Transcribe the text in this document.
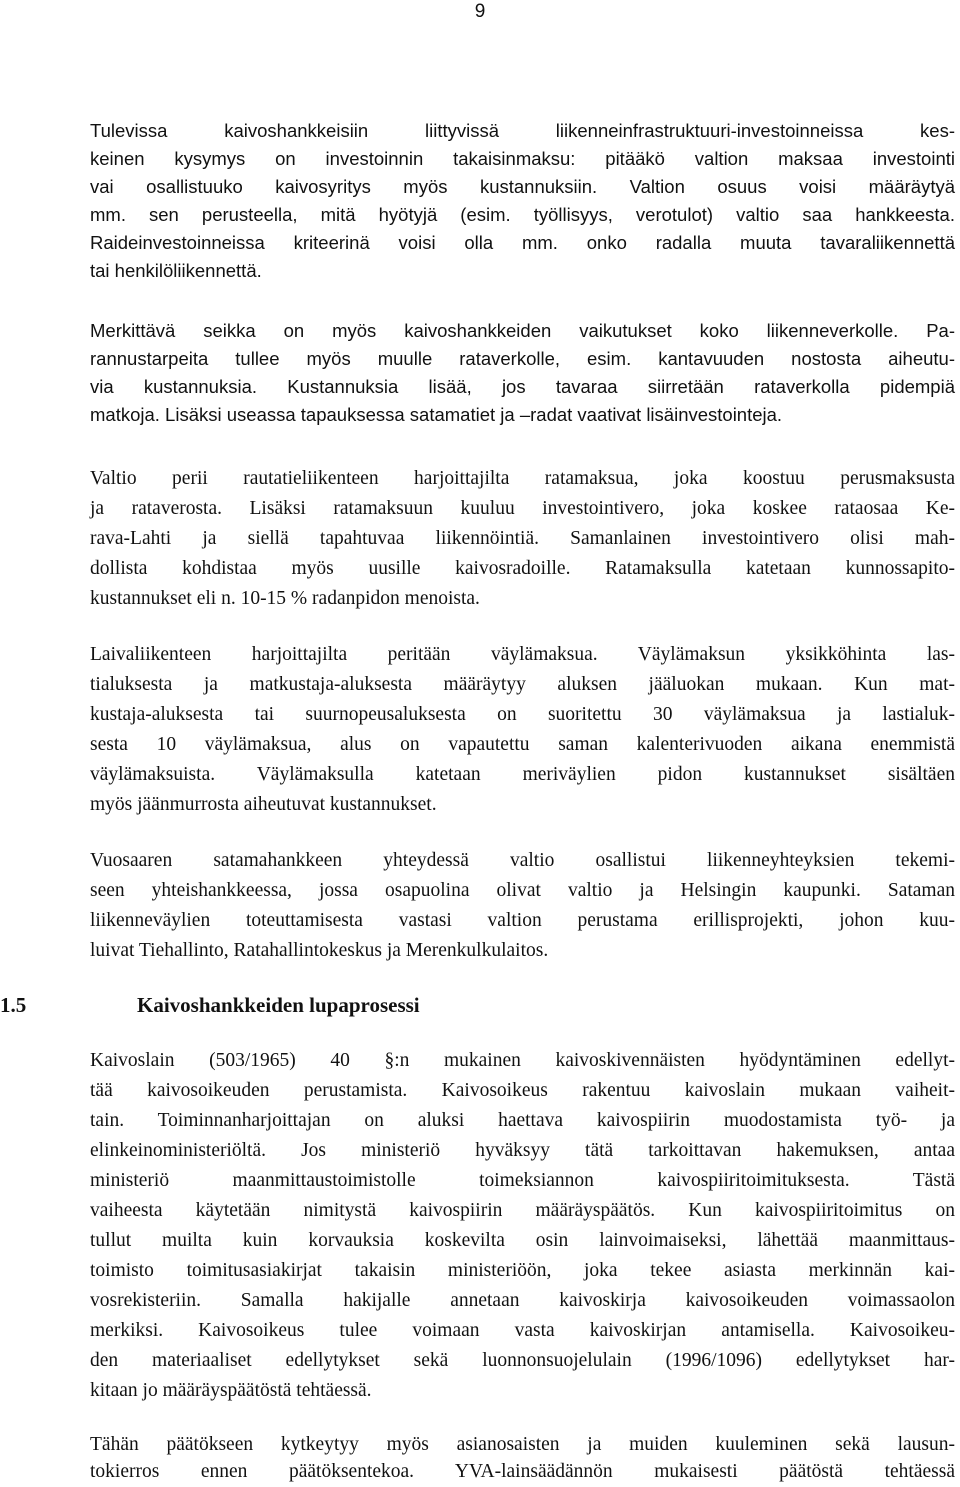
9
Tulevissa kaivoshankkeisiin liittyvissä liikenneinfrastruktuuri-investoinneissa kes-
keinen kysymys on investoinnin takaisinmaksu: pitääkö valtion maksaa investointi
vai osallistuuko kaivosyritys myös kustannuksiin. Valtion osuus voisi määräytyä
mm. sen perusteella, mitä hyötyjä (esim. työllisyys, verotulot) valtio saa hankkeesta.
Raideinvestoinneissa kriteerinä voisi olla mm. onko radalla muuta tavaraliikennettä
tai henkilöliikennettä.
Merkittävä seikka on myös kaivoshankkeiden vaikutukset koko liikenneverkolle. Pa-
rannustarpeita tullee myös muulle rataverkolle, esim. kantavuuden nostosta aiheutu-
via kustannuksia. Kustannuksia lisää, jos tavaraa siirretään rataverkolla pidempiä
matkoja. Lisäksi useassa tapauksessa satamatiet ja –radat vaativat lisäinvestointeja.
Valtio perii rautatieliikenteen harjoittajilta ratamaksua, joka koostuu perusmaksusta
ja rataverosta. Lisäksi ratamaksuun kuuluu investointivero, joka koskee rataosaa Ke-
rava-Lahti ja siellä tapahtuvaa liikennöintiä. Samanlainen investointivero olisi mah-
dollista kohdistaa myös uusille kaivosradoille. Ratamaksulla katetaan kunnossapito-
kustannukset eli n. 10-15 % radanpidon menoista.
Laivaliikenteen harjoittajilta peritään väylämaksua. Väylämaksun yksikköhinta las-
tialuksesta ja matkustaja-aluksesta määräytyy aluksen jääluokan mukaan. Kun mat-
kustaja-aluksesta tai suurnopeusaluksesta on suoritettu 30 väylämaksua ja lastialuk-
sesta 10 väylämaksua, alus on vapautettu saman kalenterivuoden aikana enemmistä
väylämaksuista. Väylämaksulla katetaan meriväylien pidon kustannukset sisältäen
myös jäänmurrosta aiheutuvat kustannukset.
Vuosaaren satamahankkeen yhteydessä valtio osallistui liikenneyhteyksien tekemi-
seen yhteishankkeessa, jossa osapuolina olivat valtio ja Helsingin kaupunki. Sataman
liikenneväylien toteuttamisesta vastasi valtion perustama erillisprojekti, johon kuu-
luivat Tiehallinto, Ratahallintokeskus ja Merenkulkulaitos.
1.5	Kaivoshankkeiden lupaprosessi
Kaivoslain (503/1965) 40 §:n mukainen kaivoskivennäisten hyödyntäminen edellyt-
tää kaivosoikeuden perustamista. Kaivosoikeus rakentuu kaivoslain mukaan vaiheit-
tain. Toiminnanharjoittajan on aluksi haettava kaivospiirin muodostamista työ- ja
elinkeinoministeriöltä. Jos ministeriö hyväksyy tätä tarkoittavan hakemuksen, antaa
ministeriö maanmittaustoimistolle toimeksiannon kaivospiiritoimituksesta. Tästä
vaiheesta käytetään nimitystä kaivospiirin määräyspäätös. Kun kaivospiiritoimitus on
tullut muilta kuin korvauksia koskevilta osin lainvoimaiseksi, lähettää maanmittaus-
toimisto toimitusasiakirjat takaisin ministeriöön, joka tekee asiasta merkinnän kai-
vosrekisteriin. Samalla hakijalle annetaan kaivoskirja kaivosoikeuden voimassaolon
merkiksi. Kaivosoikeus tulee voimaan vasta kaivoskirjan antamisella. Kaivosoikeu-
den materiaaliset edellytykset sekä luonnonsuojelulain (1996/1096) edellytykset har-
kitaan jo määräyspäätöstä tehtäessä.
Tähän päätökseen kytkeytyy myös asianosaisten ja muiden kuuleminen sekä lausun-
tokierros ennen päätöksentekoa. YVA-lainsäädännön mukaisesti päätöstä tehtäessä
